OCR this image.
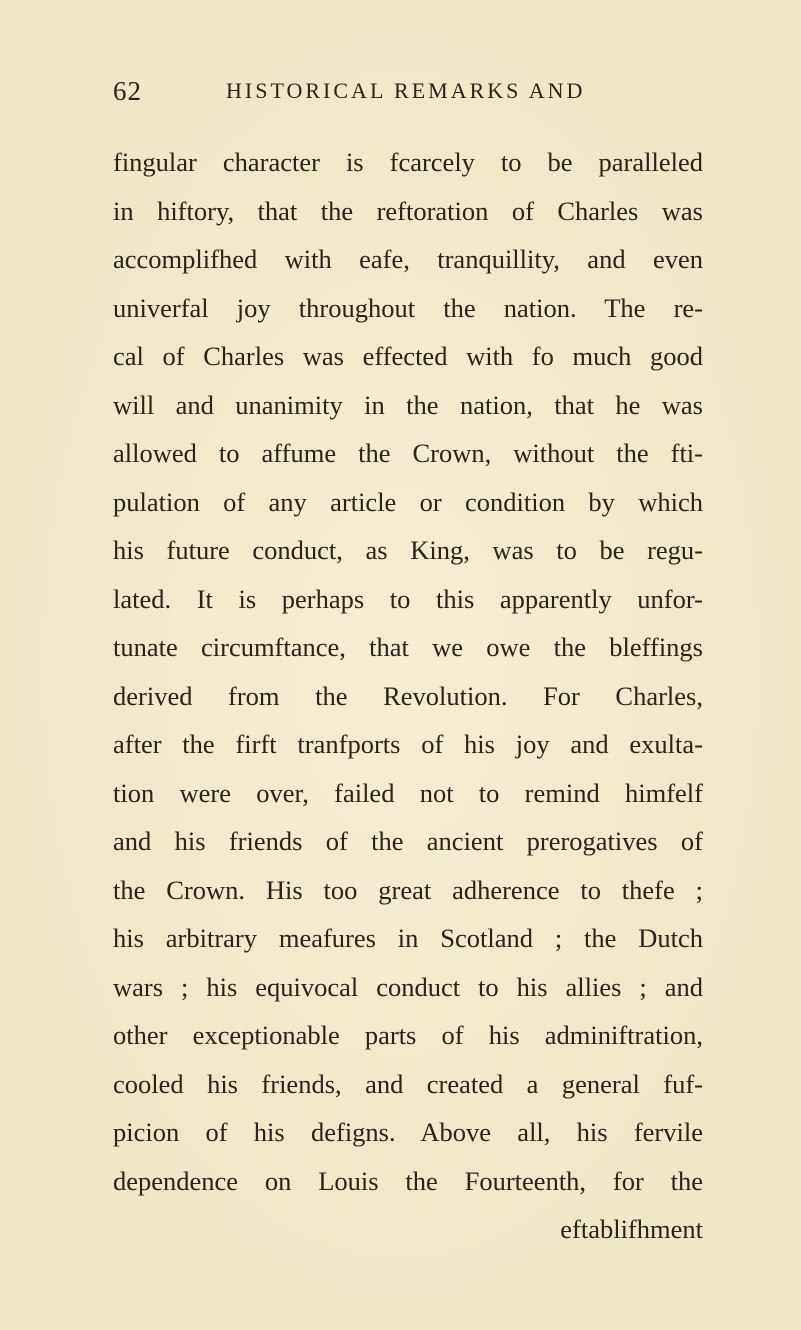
62	HISTORICAL REMARKS AND
fingular character is fcarcely to be paralleled
in hiftory, that the reftoration of Charles was
accomplifhed with eafe, tranquillity, and even
univerfal joy throughout the nation. The re-
cal of Charles was effected with fo much good
will and unanimity in the nation, that he was
allowed to affume the Crown, without the fti-
pulation of any article or condition by which
his future conduct, as King, was to be regu-
lated. It is perhaps to this apparently unfor-
tunate circumftance, that we owe the bleffings
derived from the Revolution. For Charles,
after the firft tranfports of his joy and exulta-
tion were over, failed not to remind himfelf
and his friends of the ancient prerogatives of
the Crown. His too great adherence to thefe ;
his arbitrary meafures in Scotland ; the Dutch
wars ; his equivocal conduct to his allies ; and
other exceptionable parts of his adminiftration,
cooled his friends, and created a general fuf-
picion of his defigns. Above all, his fervile
dependence on Louis the Fourteenth, for the
eftablifhment
